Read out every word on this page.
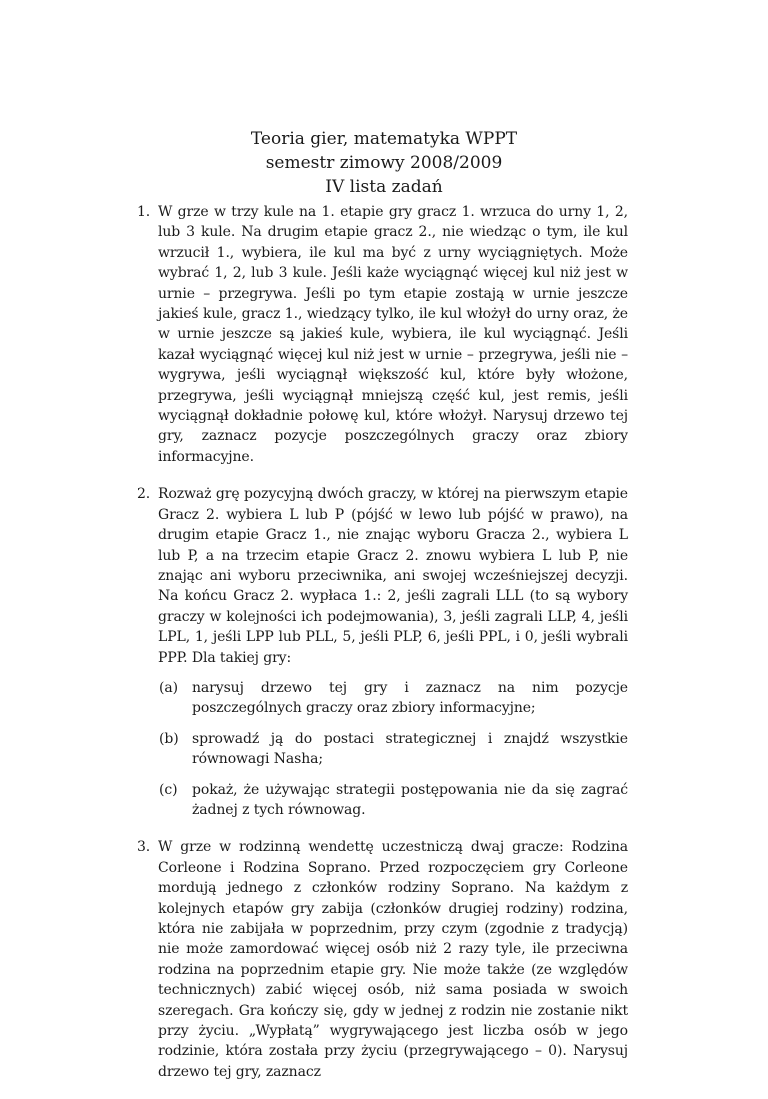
Teoria gier, matematyka WPPT
semestr zimowy 2008/2009
IV lista zadań
1. W grze w trzy kule na 1. etapie gry gracz 1. wrzuca do urny 1, 2, lub 3 kule. Na drugim etapie gracz 2., nie wiedząc o tym, ile kul wrzucił 1., wybiera, ile kul ma być z urny wyciągniętych. Może wybrać 1, 2, lub 3 kule. Jeśli każe wyciągnąć więcej kul niż jest w urnie – przegrywa. Jeśli po tym etapie zostają w urnie jeszcze jakieś kule, gracz 1., wiedzący tylko, ile kul włożył do urny oraz, że w urnie jeszcze są jakieś kule, wybiera, ile kul wyciągnąć. Jeśli kazał wyciągnąć więcej kul niż jest w urnie – przegrywa, jeśli nie – wygrywa, jeśli wyciągnął większość kul, które były włożone, przegrywa, jeśli wyciągnął mniejszą część kul, jest remis, jeśli wyciągnął dokładnie połowę kul, które włożył. Narysuj drzewo tej gry, zaznacz pozycje poszczególnych graczy oraz zbiory informacyjne.
2. Rozważ grę pozycyjną dwóch graczy, w której na pierwszym etapie Gracz 2. wybiera L lub P (pójść w lewo lub pójść w prawo), na drugim etapie Gracz 1., nie znając wyboru Gracza 2., wybiera L lub P, a na trzecim etapie Gracz 2. znowu wybiera L lub P, nie znając ani wyboru przeciwnika, ani swojej wcześniejszej decyzji. Na końcu Gracz 2. wypłaca 1.: 2, jeśli zagrali LLL (to są wybory graczy w kolejności ich podejmowania), 3, jeśli zagrali LLP, 4, jeśli LPL, 1, jeśli LPP lub PLL, 5, jeśli PLP, 6, jeśli PPL, i 0, jeśli wybrali PPP. Dla takiej gry:
(a) narysuj drzewo tej gry i zaznacz na nim pozycje poszczególnych graczy oraz zbiory informacyjne;
(b) sprowadź ją do postaci strategicznej i znajdź wszystkie równowagi Nasha;
(c) pokaż, że używając strategii postępowania nie da się zagrać żadnej z tych równowag.
3. W grze w rodzinną wendettę uczestniczą dwaj gracze: Rodzina Corleone i Rodzina Soprano. Przed rozpoczęciem gry Corleone mordują jednego z członków rodziny Soprano. Na każdym z kolejnych etapów gry zabija (członków drugiej rodziny) rodzina, która nie zabijała w poprzednim, przy czym (zgodnie z tradycją) nie może zamordować więcej osób niż 2 razy tyle, ile przeciwna rodzina na poprzednim etapie gry. Nie może także (ze względów technicznych) zabić więcej osób, niż sama posiada w swoich szeregach. Gra kończy się, gdy w jednej z rodzin nie zostanie nikt przy życiu. „Wypłatą” wygrywającego jest liczba osób w jego rodzinie, która została przy życiu (przegrywającego – 0). Narysuj drzewo tej gry, zaznacz
